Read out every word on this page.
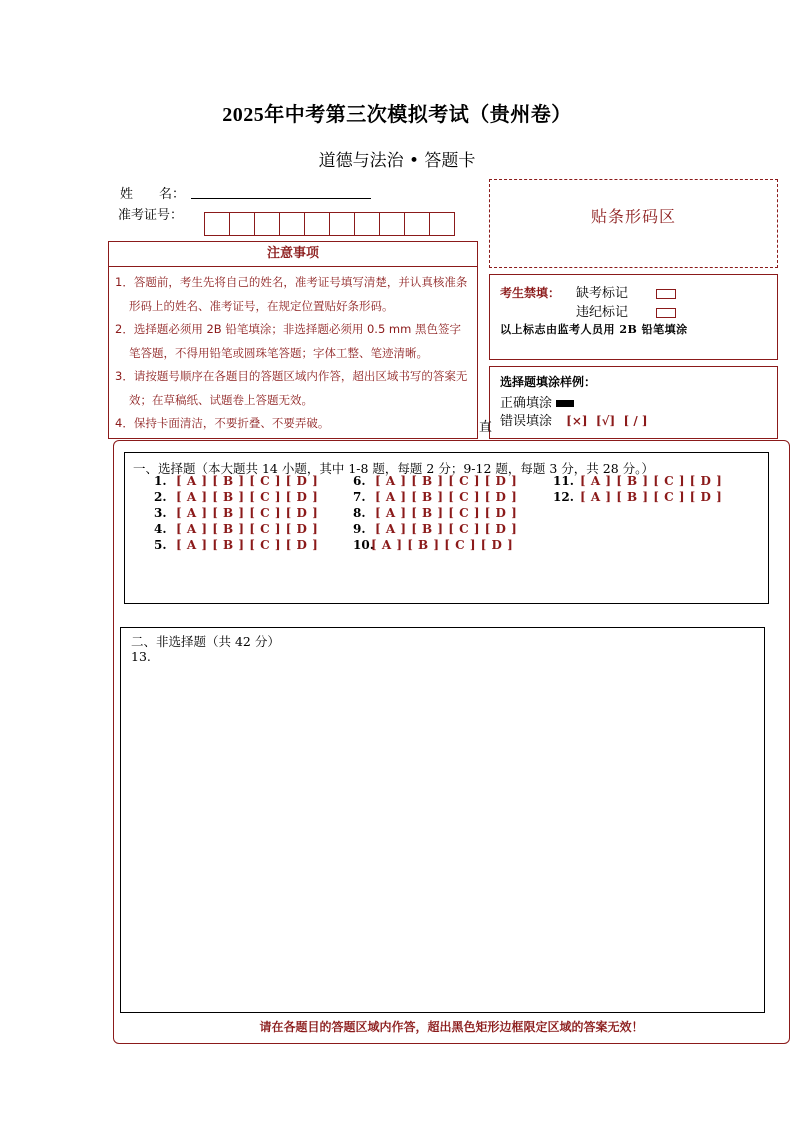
2025年中考第三次模拟考试（贵州卷）
道德与法治 • 答题卡
姓　　名：
准考证号：	贴条形码区
注意事项

1．答题前，考生先将自己的姓名，准考证号填写清楚，并认真核准条形码上的姓名、准考证号，在规定位置贴好条形码。

2．选择题必须用 2B 铅笔填涂；非选择题必须用 0.5 mm 黑色签字笔答题，不得用铅笔或圆珠笔答题；字体工整、笔迹清晰。

3．请按题号顺序在各题目的答题区域内作答，超出区域书写的答案无效；在草稿纸、试题卷上答题无效。

4．保持卡面清洁，不要折叠、不要弄破。

考生禁填： 缺考标记
违纪标记
以上标志由监考人员用 2B 铅笔填涂
选择题填涂样例：
正确填涂
错误填涂 [×]  [√]  [ / ]
直
一、选择题（本大题共 14 小题，其中 1-8 题，每题 2 分；9-12 题，每题 3 分，共 28 分。）
1. [ A ] [ B ] [ C ] [ D ]
2. [ A ] [ B ] [ C ] [ D ]
3. [ A ] [ B ] [ C ] [ D ]
4. [ A ] [ B ] [ C ] [ D ]
5. [ A ] [ B ] [ C ] [ D ]
6. [ A ] [ B ] [ C ] [ D ]
7. [ A ] [ B ] [ C ] [ D ]
8. [ A ] [ B ] [ C ] [ D ]
9. [ A ] [ B ] [ C ] [ D ]
10.[ A ] [ B ] [ C ] [ D ]
11. [ A ] [ B ] [ C ] [ D ]
12. [ A ] [ B ] [ C ] [ D ]
二、非选择题（共 42 分）
13.
请在各题目的答题区域内作答，超出黑色矩形边框限定区域的答案无效！
